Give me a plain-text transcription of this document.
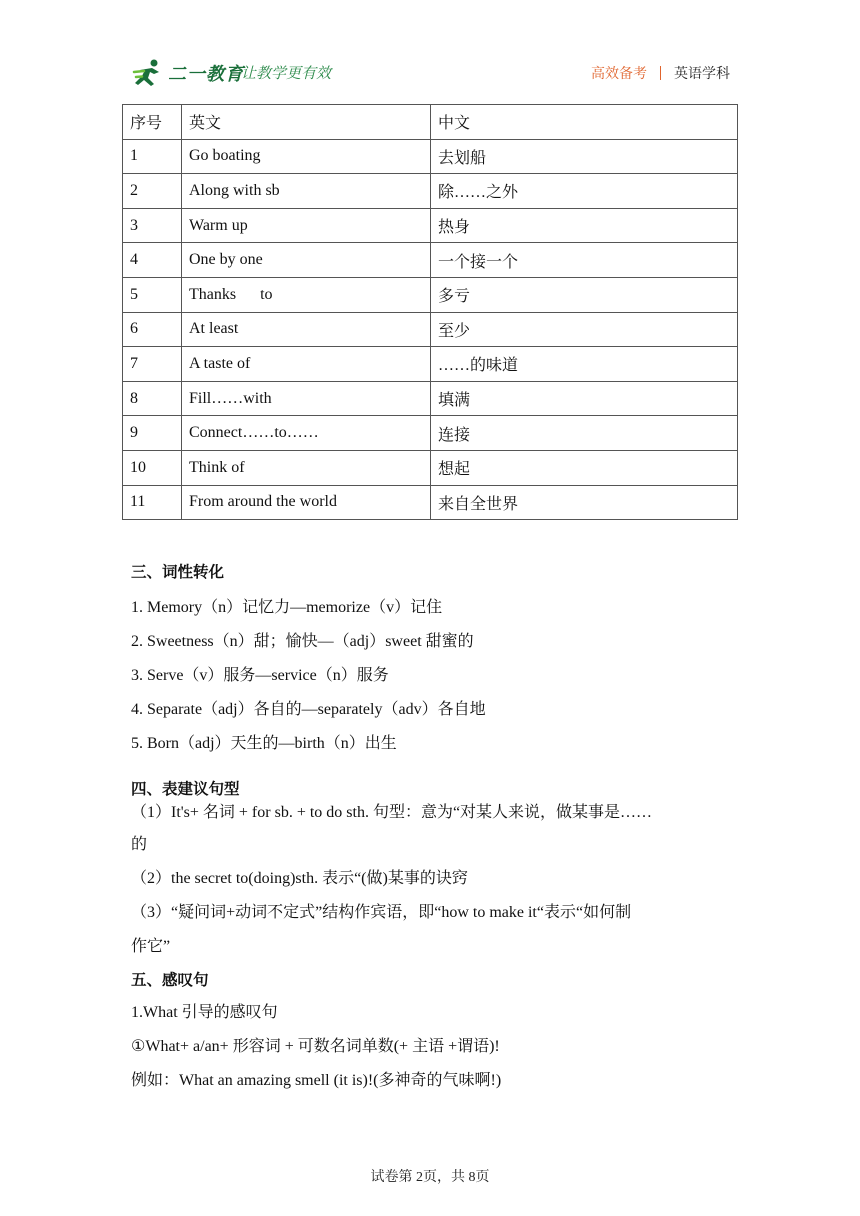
二一教育
让教学更有效	高效备考 英语学科
序号	英文	中文
1	Go boating	去划船
2	Along with sb	除……之外
3	Warm up	热身
4	One by one	一个接一个
5	Thanks      to	多亏
6	At least	至少
7	A taste of	……的味道
8	Fill……with	填满
9	Connect……to……	连接
10	Think of	想起
11	From around the world	来自全世界
三、词性转化
1. Memory（n）记忆力—memorize（v）记住
2. Sweetness（n）甜；愉快—（adj）sweet 甜蜜的
3. Serve（v）服务—service（n）服务
4. Separate（adj）各自的—separately（adv）各自地
5. Born（adj）天生的—birth（n）出生
四、表建议句型
（1）It's+ 名词 + for sb. + to do sth. 句型：意为“对某人来说，做某事是……
的
（2）the secret to(doing)sth. 表示“(做)某事的诀窍
（3）“疑问词+动词不定式”结构作宾语，即“how to make it“表示“如何制
作它”
五、感叹句
1.What 引导的感叹句
①What+ a/an+ 形容词 + 可数名词单数(+ 主语 +谓语)!
例如：What an amazing smell (it is)!(多神奇的气味啊!)
试卷第 2页，共 8页
